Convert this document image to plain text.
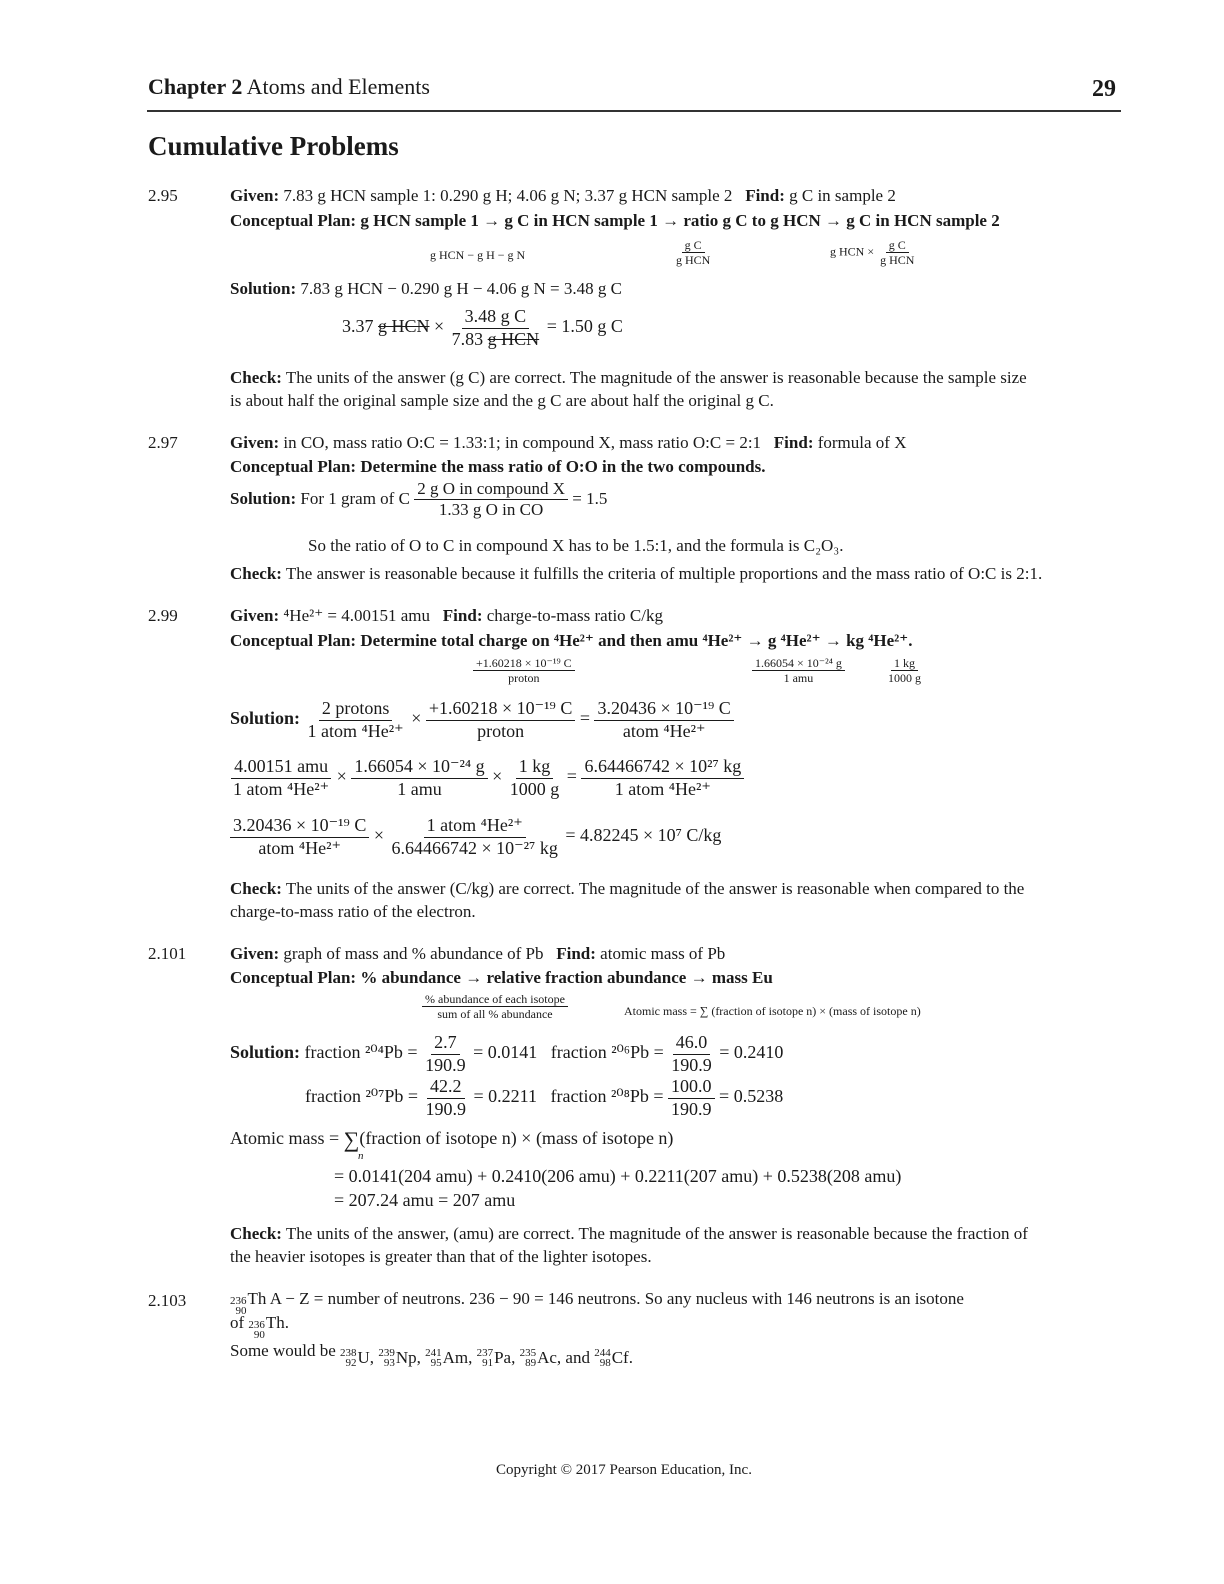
Chapter 2 Atoms and Elements	29
Cumulative Problems
2.95	Given: 7.83 g HCN sample 1: 0.290 g H; 4.06 g N; 3.37 g HCN sample 2 Find: g C in sample 2
Conceptual Plan: g HCN sample 1 → g C in HCN sample 1 → ratio g C to g HCN → g C in HCN sample 2
g HCN − g H − g N	$\frac{\text{g C}}{\text{g HCN}}$	g HCN × $\frac{\text{g C}}{\text{g HCN}}$
Solution: 7.83 g HCN − 0.290 g H − 4.06 g N = 3.48 g C
3.37 g HCN × $\frac{\text{3.48 g C}}{\text{7.83 g HCN}} = 1.50$ g C
Check: The units of the answer (g C) are correct. The magnitude of the answer is reasonable because the sample size
is about half the original sample size and the g C are about half the original g C.
2.97	Given: in CO, mass ratio O:C = 1.33:1; in compound X, mass ratio O:C = 2:1 Find: formula of X
Conceptual Plan: Determine the mass ratio of O:O in the two compounds.
Solution: For 1 gram of C $\frac{\text{2 g O in compound X}}{\text{1.33 g O in CO}} = 1.5$
So the ratio of O to C in compound X has to be 1.5:1, and the formula is C₂O₃.
Check: The answer is reasonable because it fulfills the criteria of multiple proportions and the mass ratio of O:C is 2:1.
2.99	Given: ⁴He²⁺ = 4.00151 amu Find: charge-to-mass ratio C/kg
Conceptual Plan: Determine total charge on ⁴He²⁺ and then amu ⁴He²⁺ → g ⁴He²⁺ → kg ⁴He²⁺.
$\frac{\text{+1.60218 × 10⁻¹⁹ C}}{\text{proton}}$	$\frac{\text{1.66054 × 10⁻²⁴ g}}{\text{1 amu}}$	$\frac{1 kg}{1000 g}$
Solution: $\frac{\text{2 protons}}{\text{1 atom ⁴He²⁺}} \times \frac{\text{+1.60218 × 10⁻¹⁹ C}}{\text{proton}} = \frac{\text{3.20436 × 10⁻¹⁹ C}}{\text{atom ⁴He²⁺}}$
$\frac{\text{4.00151 amu}}{\text{1 atom ⁴He²⁺}} \times \frac{\text{1.66054 × 10⁻²⁴ g}}{\text{1 amu}} \times \frac{1 kg}{1000 g} = \frac{\text{6.64466742 × 10²⁷ kg}}{\text{1 atom ⁴He²⁺}}$
$\frac{\text{3.20436 × 10⁻¹⁹ C}}{\text{atom ⁴He²⁺}} \times \frac{\text{1 atom ⁴He²⁺}}{\text{6.64466742 × 10⁻²⁷ kg}} = 4.82245 \times 10^7$ C/kg
Check: The units of the answer (C/kg) are correct. The magnitude of the answer is reasonable when compared to the
charge-to-mass ratio of the electron.
2.101	Given: graph of mass and % abundance of Pb Find: atomic mass of Pb
Conceptual Plan: % abundance → relative fraction abundance → mass Eu
$\frac{\text{\% abundance of each isotope}}{\text{sum of all \% abundance}}$	Atomic mass = ∑ (fraction of isotope n) × (mass of isotope n)
Solution: fraction $^{204}Pb = \frac{2.7}{190.9} = 0.0141$ fraction $^{206}Pb = \frac{46.0}{190.9} = 0.2410$
fraction $^{207}Pb = \frac{42.2}{190.9} = 0.2211$ fraction $^{208}Pb = \frac{100.0}{190.9} = 0.5238$
Atomic mass = ∑(fraction of isotope n) × (mass of isotope n)
n
= 0.0141(204 amu) + 0.2410(206 amu) + 0.2211(207 amu) + 0.5238(208 amu)
= 207.24 amu = 207 amu
Check: The units of the answer, (amu) are correct. The magnitude of the answer is reasonable because the fraction of
the heavier isotopes is greater than that of the lighter isotopes.
2.103	236
90
Th A − Z = number of neutrons. 236 − 90 = 146 neutrons. So any nucleus with 146 neutrons is an isotone
of 236
90
Th.
Some would be 238
92 U,
239
93 Np,
241
95 Am,
237
91 Pa,
235
89 Ac, and
244
98 Cf.
Copyright © 2017 Pearson Education, Inc.
